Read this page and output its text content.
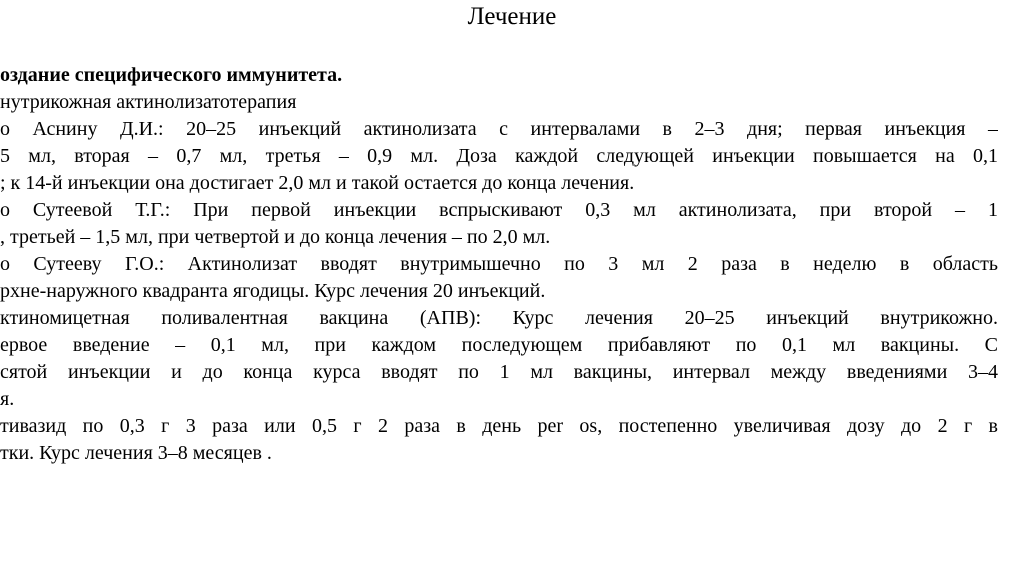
Лечение
оздание специфического иммунитета.
нутрикожная актинолизатотерапия
о Аснину Д.И.: 20–25 инъекций актинолизата с интервалами в 2–3 дня; первая инъекция –
5 мл, вторая – 0,7 мл, третья – 0,9 мл. Доза каждой следующей инъекции повышается на 0,1
; к 14-й инъекции она достигает 2,0 мл и такой остается до конца лечения.
о Сутеевой Т.Г.: При первой инъекции вспрыскивают 0,3 мл актинолизата, при второй – 1
, третьей – 1,5 мл, при четвертой и до конца лечения – по 2,0 мл.
о Сутееву Г.О.: Актинолизат вводят внутримышечно по 3 мл 2 раза в неделю в область
рхне-наружного квадранта ягодицы. Курс лечения 20 инъекций.
ктиномицетная поливалентная вакцина (АПВ): Курс лечения 20–25 инъекций внутрикожно.
ервое введение – 0,1 мл, при каждом последующем прибавляют по 0,1 мл вакцины. С
сятой инъекции и до конца курса вводят по 1 мл вакцины, интервал между введениями 3–4
я.
тивазид по 0,3 г 3 раза или 0,5 г 2 раза в день per os, постепенно увеличивая дозу до 2 г в
тки. Курс лечения 3–8 месяцев .
